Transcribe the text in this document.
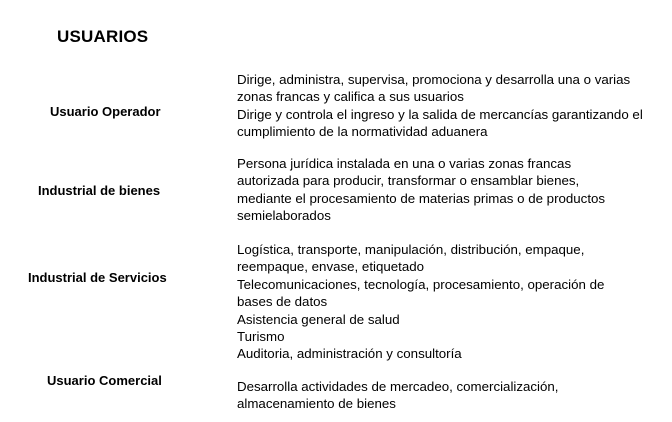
USUARIOS
Usuario Operador
Dirige, administra, supervisa, promociona y desarrolla una o varias
zonas francas y califica a sus usuarios
Dirige y controla el ingreso y la salida de mercancías garantizando el
cumplimiento de la normatividad aduanera
Industrial de bienes
Persona jurídica instalada en una o varias zonas francas
autorizada para producir, transformar o ensamblar bienes,
mediante el procesamiento de materias primas o de productos
semielaborados
Industrial de Servicios
Logística, transporte, manipulación, distribución, empaque,
reempaque, envase, etiquetado
Telecomunicaciones, tecnología, procesamiento, operación de
bases de datos
Asistencia general de salud
Turismo
Auditoria, administración y consultoría
Usuario Comercial	Desarrolla actividades de mercadeo, comercialización,
almacenamiento de bienes
